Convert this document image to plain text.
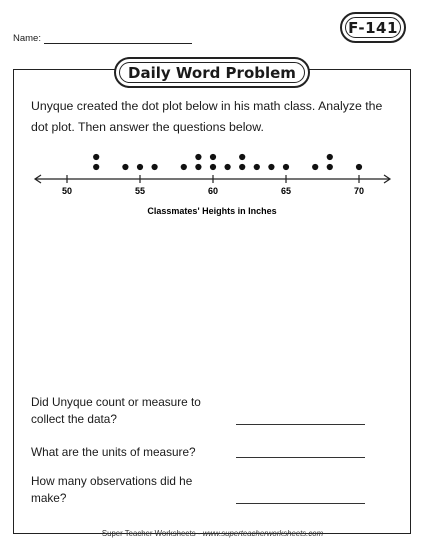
Name:
F-141
Daily Word Problem

Unyque created the dot plot below in his math class. Analyze the dot plot. Then answer the questions below.

50	55	60	65	70
Classmates' Heights in Inches

Did Unyque count or measure to collect the data?

What are the units of measure?

How many observations did he make?

Super Teacher Worksheets - www.superteacherworksheets.com
